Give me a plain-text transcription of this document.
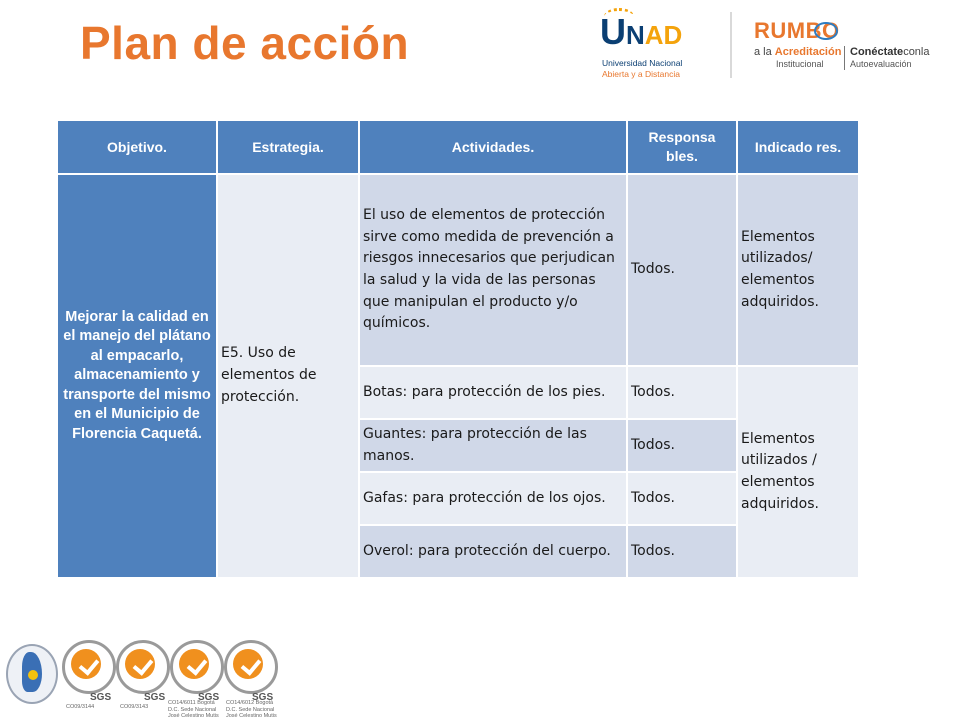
Plan de acción	UNAD
Universidad Nacional
Abierta y a Distancia
RUMBO
a la Acreditación
Institucional
Conéctateconla
Autoevaluación
Objetivo.	Estrategia.	Actividades.	Responsa bles.	Indicado res.
Mejorar la calidad en el manejo del plátano al empacarlo, almacenamiento y transporte del mismo en el Municipio de Florencia Caquetá.	E5. Uso de elementos de protección.	El uso de elementos de protección sirve como medida de prevención a riesgos innecesarios que perjudican la salud y la vida de las personas que manipulan el producto y/o químicos.	Todos.	Elementos utilizados/ elementos adquiridos.
		Botas: para protección de los pies.	Todos.	Elementos utilizados / elementos adquiridos.
		Guantes: para protección de las manos.	Todos.	
		Gafas: para protección de los ojos.	Todos.	
		Overol: para protección del cuerpo.	Todos.	
SGS
CO09/3144
SGS
CO09/3143
SGS
CO14/6011 Bogotá D.C. Sede Nacional José Celestino Mutis
SGS
CO14/6012 Bogotá D.C. Sede Nacional José Celestino Mutis
